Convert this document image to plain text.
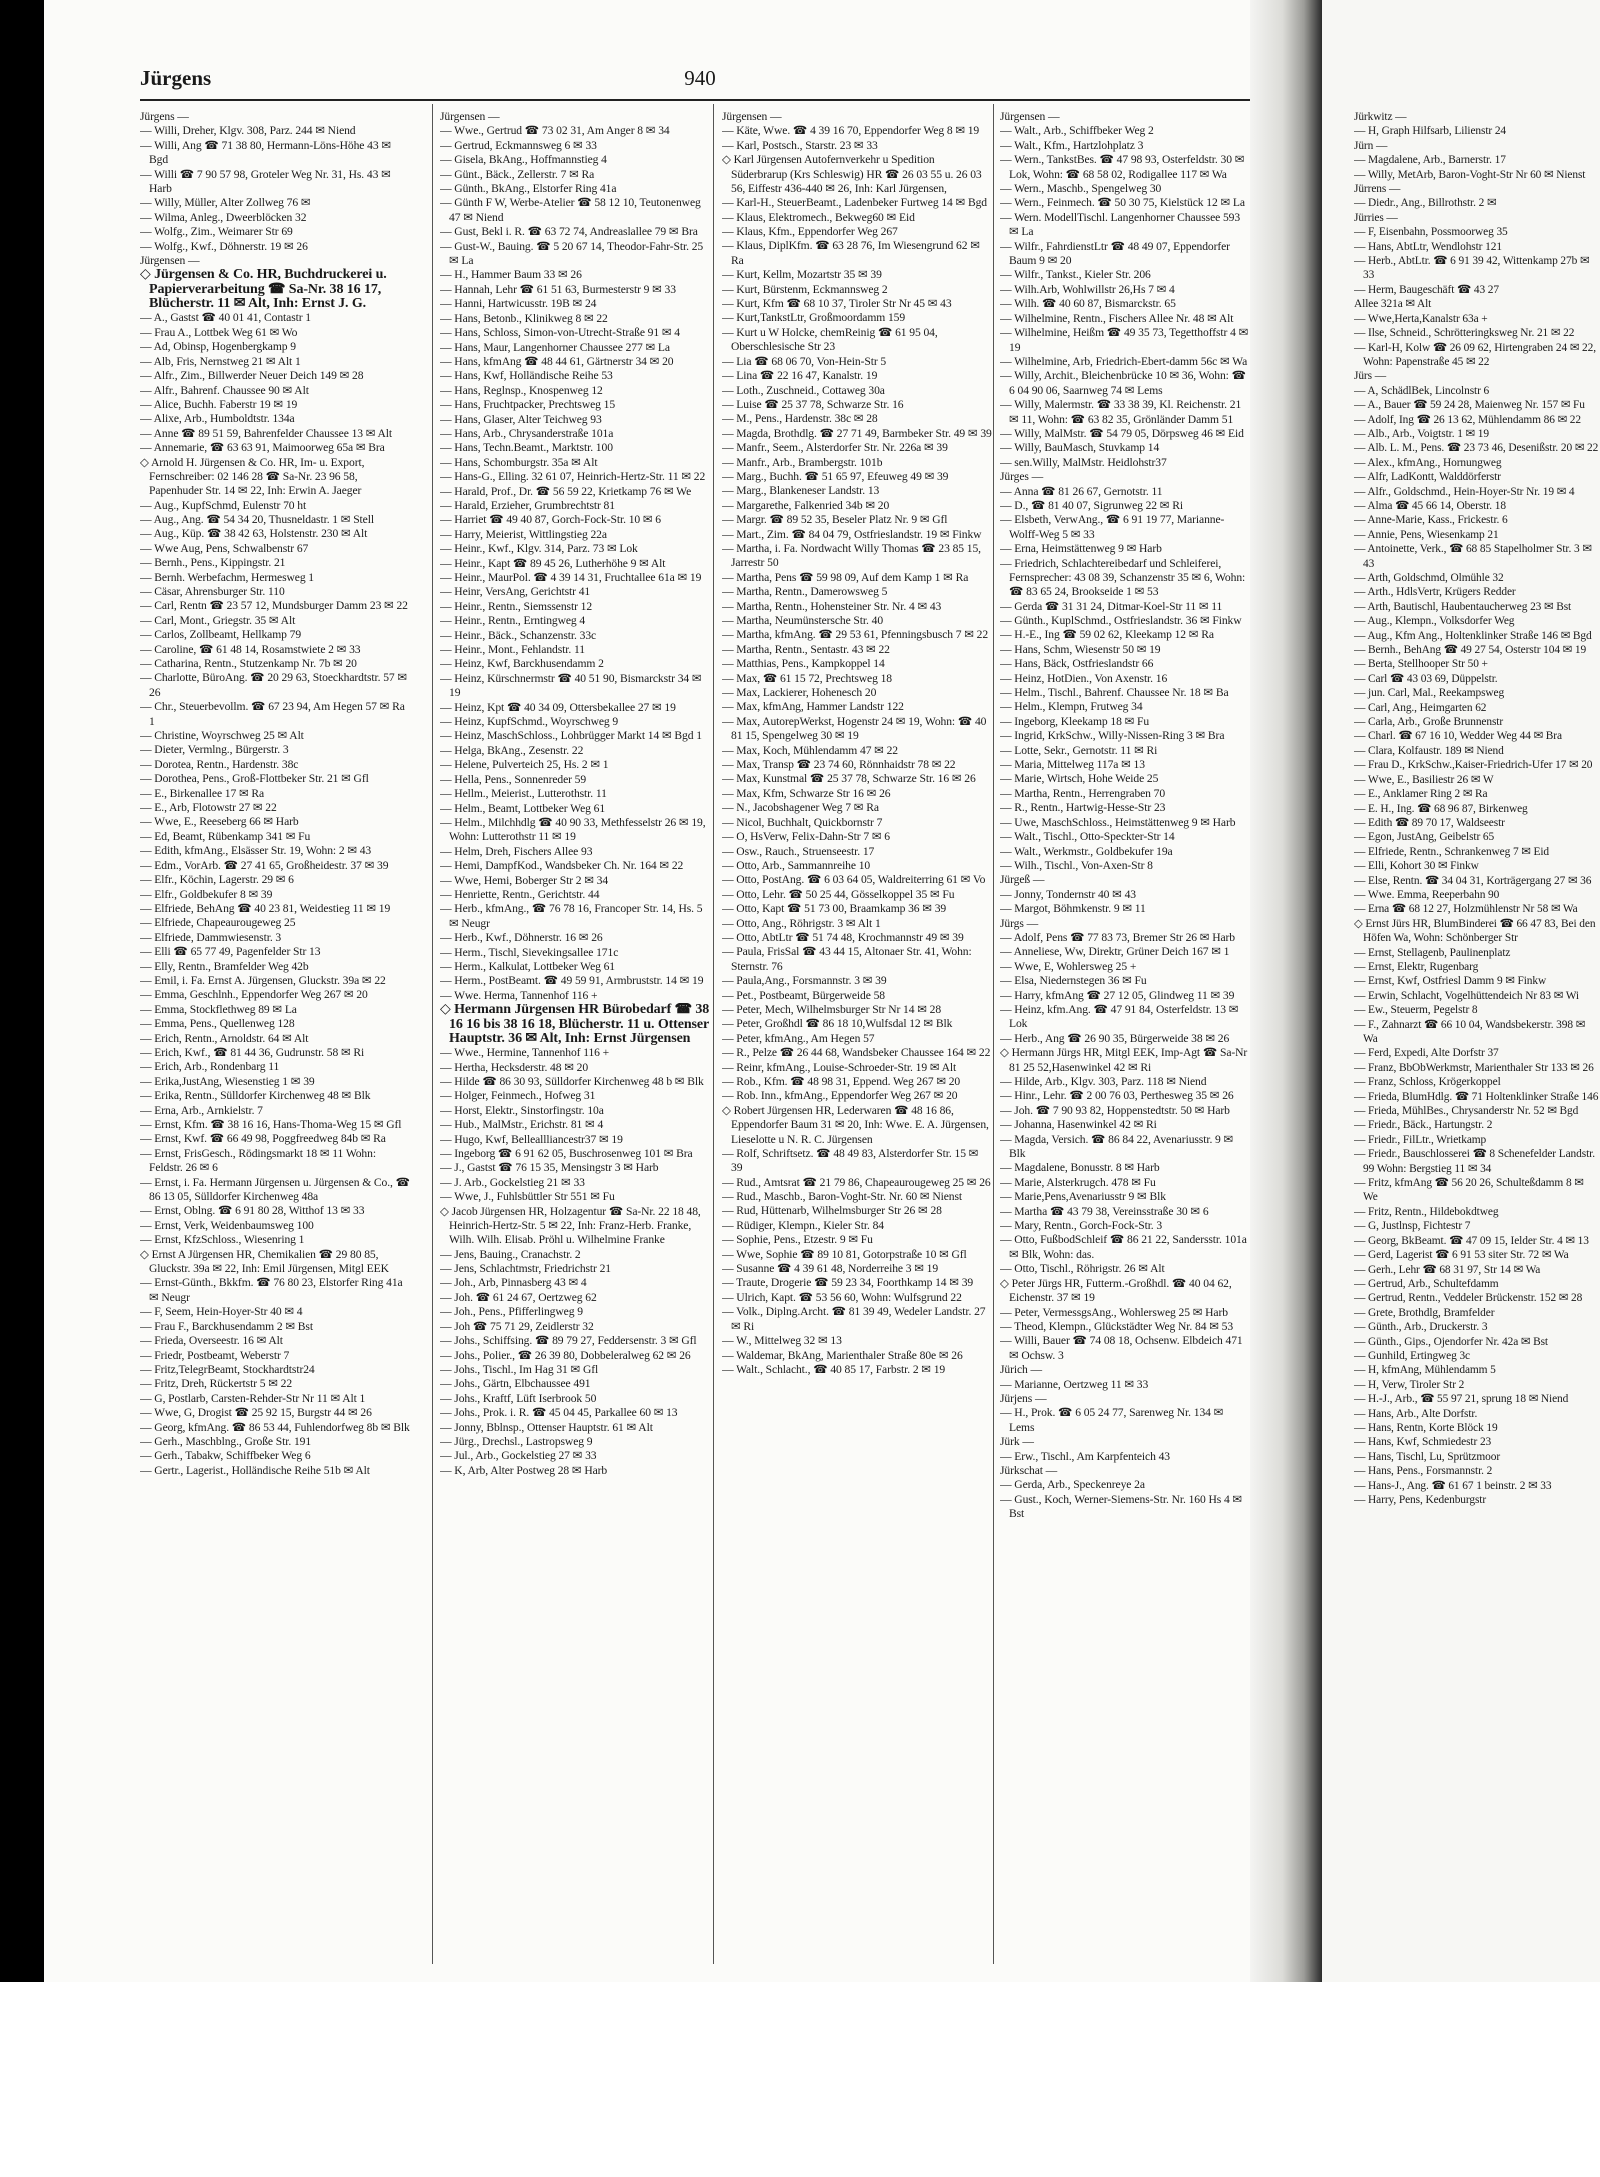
Jürkwitz —
— H, Graph Hilfsarb, Lilienstr 24
Jürn —
— Magdalene, Arb., Barnerstr. 17
— Willy, MetArb, Baron-Voght-Str Nr 60 ✉ Nienst
Jürrens —
— Diedr., Ang., Billrothstr. 2 ✉
Jürries —
— F, Eisenbahn, Possmoorweg 35
— Hans, AbtLtr, Wendlohstr 121
— Herb., AbtLtr. ☎ 6 91 39 42, Wittenkamp 27b ✉ 33
— Herm, Baugeschäft ☎ 43 27
Allee 321a ✉ Alt
— Wwe,Herta,Kanalstr 63a +
— Ilse, Schneid., Schrötteringksweg Nr. 21 ✉ 22
— Karl-H, Kolw ☎ 26 09 62, Hirtengraben 24 ✉ 22, Wohn: Papenstraße 45 ✉ 22
Jürs —
— A, SchädlBek, Lincolnstr 6
— A., Bauer ☎ 59 24 28, Maienweg Nr. 157 ✉ Fu
— Adolf, Ing ☎ 26 13 62, Mühlendamm 86 ✉ 22
— Alb., Arb., Voigtstr. 1 ✉ 19
— Alb. L. M., Pens. ☎ 23 73 46, Desenißstr. 20 ✉ 22
— Alex., kfmAng., Hornungweg
— Alfr, LadKontt, Walddörferstr
— Alfr., Goldschmd., Hein-Hoyer-Str Nr. 19 ✉ 4
— Alma ☎ 45 66 14, Oberstr. 18
— Anne-Marie, Kass., Frickestr. 6
— Annie, Pens, Wiesenkamp 21
— Antoinette, Verk., ☎ 68 85 Stapelholmer Str. 3 ✉ 43
— Arth, Goldschmd, Olmühle 32
— Arth., HdlsVertr, Krügers Redder
— Arth, Bautischl, Haubentaucherweg 23 ✉ Bst
— Aug., Klempn., Volksdorfer Weg
— Aug., Kfm Ang., Holtenklinker Straße 146 ✉ Bgd
— Bernh., BehAng ☎ 49 27 54, Osterstr 104 ✉ 19
— Berta, Stellhooper Str 50 +
— Carl ☎ 43 03 69, Düppelstr.
— jun. Carl, Mal., Reekampsweg
— Carl, Ang., Heimgarten 62
— Carla, Arb., Große Brunnenstr
— Charl. ☎ 67 16 10, Wedder Weg 44 ✉ Bra
— Clara, Kolfaustr. 189 ✉ Niend
— Frau D., KrkSchw.,Kaiser-Friedrich-Ufer 17 ✉ 20
— Wwe, E., Basiliestr 26 ✉ W
— E., Anklamer Ring 2 ✉ Ra
— E. H., Ing. ☎ 68 96 87, Birkenweg
— Edith ☎ 89 70 17, Waldseestr
— Egon, JustAng, Geibelstr 65
— Elfriede, Rentn., Schrankenweg 7 ✉ Eid
— Elli, Kohort 30 ✉ Finkw
— Else, Rentn. ☎ 34 04 31, Korträgergang 27 ✉ 36
— Wwe. Emma, Reeperbahn 90
— Erna ☎ 68 12 27, Holzmühlenstr Nr 58 ✉ Wa
◇ Ernst Jürs HR, BlumBinderei ☎ 66 47 83, Bei den Höfen Wa, Wohn: Schönberger Str
— Ernst, Stellagenb, Paulinenplatz
— Ernst, Elektr, Rugenbarg
— Ernst, Kwf, Ostfriesl Damm 9 ✉ Finkw
— Erwin, Schlacht, Vogelhüttendeich Nr 83 ✉ Wi
— Ew., Steuerm, Pegelstr 8
— F., Zahnarzt ☎ 66 10 04, Wandsbekerstr. 398 ✉ Wa
— Ferd, Expedi, Alte Dorfstr 37
— Franz, BbObWerkmstr, Marienthaler Str 133 ✉ 26
— Franz, Schloss, Krögerkoppel
— Frieda, BlumHdlg. ☎ 71 Holtenklinker Straße 146
— Frieda, MühlBes., Chrysanderstr Nr. 52 ✉ Bgd
— Friedr., Bäck., Hartungstr. 2
— Friedr., FilLtr., Wrietkamp
— Friedr., Bauschlosserei ☎ 8 Schenefelder Landstr. 99 Wohn: Bergstieg 11 ✉ 34
— Fritz, kfmAng ☎ 56 20 26, Schulteßdamm 8 ✉ We
— Fritz, Rentn., Hildebokdtweg
— G, Justlnsp, Fichtestr 7
— Georg, BkBeamt. ☎ 47 09 15, Ielder Str. 4 ✉ 13
— Gerd, Lagerist ☎ 6 91 53 siter Str. 72 ✉ Wa
— Gerh., Lehr ☎ 68 31 97, Str 14 ✉ Wa
— Gertrud, Arb., Schultefdamm
— Gertrud, Rentn., Veddeler Brückenstr. 152 ✉ 28
— Grete, Brothdlg, Bramfelder
— Günth., Arb., Druckerstr. 3
— Günth., Gips., Ojendorfer Nr. 42a ✉ Bst
— Gunhild, Ertingweg 3c
— H, kfmAng, Mühlendamm 5
— H, Verw, Tiroler Str 2
— H.-J., Arb., ☎ 55 97 21, sprung 18 ✉ Niend
— Hans, Arb., Alte Dorfstr.
— Hans, Rentn, Korte Blöck 19
— Hans, Kwf, Schmiedestr 23
— Hans, Tischl, Lu, Sprützmoor
— Hans, Pens., Forsmannstr. 2
— Hans-J., Ang. ☎ 61 67 1 beinstr. 2 ✉ 33
— Harry, Pens, Kedenburgstr
Jürgens	940
Jürgens —
— Willi, Dreher, Klgv. 308, Parz. 244 ✉ Niend
— Willi, Ang ☎ 71 38 80, Hermann-Löns-Höhe 43 ✉ Bgd
— Willi ☎ 7 90 57 98, Groteler Weg Nr. 31, Hs. 43 ✉ Harb
— Willy, Müller, Alter Zollweg 76 ✉
— Wilma, Anleg., Dweerblöcken 32
— Wolfg., Zim., Weimarer Str 69
— Wolfg., Kwf., Döhnerstr. 19 ✉ 26
Jürgensen —
◇ Jürgensen & Co. HR, Buchdruckerei u. Papierverarbeitung ☎ Sa-Nr. 38 16 17, Blücherstr. 11 ✉ Alt, Inh: Ernst J. G.
— A., Gastst ☎ 40 01 41, Contastr 1
— Frau A., Lottbek Weg 61 ✉ Wo
— Ad, Obinsp, Hogenbergkamp 9
— Alb, Fris, Nernstweg 21 ✉ Alt 1
— Alfr., Zim., Billwerder Neuer Deich 149 ✉ 28
— Alfr., Bahrenf. Chaussee 90 ✉ Alt
— Alice, Buchh. Faberstr 19 ✉ 19
— Alixe, Arb., Humboldtstr. 134a
— Anne ☎ 89 51 59, Bahrenfelder Chaussee 13 ✉ Alt
— Annemarie, ☎ 63 63 91, Maimoorweg 65a ✉ Bra
◇ Arnold H. Jürgensen & Co. HR, Im- u. Export, Fernschreiber: 02 146 28 ☎ Sa-Nr. 23 96 58, Papenhuder Str. 14 ✉ 22, Inh: Erwin A. Jaeger
— Aug., KupfSchmd, Eulenstr 70 ht
— Aug., Ang. ☎ 54 34 20, Thusneldastr. 1 ✉ Stell
— Aug., Küp. ☎ 38 42 63, Holstenstr. 230 ✉ Alt
— Wwe Aug, Pens, Schwalbenstr 67
— Bernh., Pens., Kippingstr. 21
— Bernh. Werbefachm, Hermesweg 1
— Cäsar, Ahrensburger Str. 110
— Carl, Rentn ☎ 23 57 12, Mundsburger Damm 23 ✉ 22
— Carl, Mont., Griegstr. 35 ✉ Alt
— Carlos, Zollbeamt, Hellkamp 79
— Caroline, ☎ 61 48 14, Rosamstwiete 2 ✉ 33
— Catharina, Rentn., Stutzenkamp Nr. 7b ✉ 20
— Charlotte, BüroAng. ☎ 20 29 63, Stoeckhardtstr. 57 ✉ 26
— Chr., Steuerbevollm. ☎ 67 23 94, Am Hegen 57 ✉ Ra 1
— Christine, Woyrschweg 25 ✉ Alt
— Dieter, Vermlng., Bürgerstr. 3
— Dorotea, Rentn., Hardenstr. 38c
— Dorothea, Pens., Groß-Flottbeker Str. 21 ✉ Gfl
— E., Birkenallee 17 ✉ Ra
— E., Arb, Flotowstr 27 ✉ 22
— Wwe, E., Reeseberg 66 ✉ Harb
— Ed, Beamt, Rübenkamp 341 ✉ Fu
— Edith, kfmAng., Elsässer Str. 19, Wohn: 2 ✉ 43
— Edm., VorArb. ☎ 27 41 65, Großheidestr. 37 ✉ 39
— Elfr., Köchin, Lagerstr. 29 ✉ 6
— Elfr., Goldbekufer 8 ✉ 39
— Elfriede, BehAng ☎ 40 23 81, Weidestieg 11 ✉ 19
— Elfriede, Chapeaurougeweg 25
— Elfriede, Dammwiesenstr. 3
— Elli ☎ 65 77 49, Pagenfelder Str 13
— Elly, Rentn., Bramfelder Weg 42b
— Emil, i. Fa. Ernst A. Jürgensen, Gluckstr. 39a ✉ 22
— Emma, Geschlnh., Eppendorfer Weg 267 ✉ 20
— Emma, Stockflethweg 89 ✉ La
— Emma, Pens., Quellenweg 128
— Erich, Rentn., Arnoldstr. 64 ✉ Alt
— Erich, Kwf., ☎ 81 44 36, Gudrunstr. 58 ✉ Ri
— Erich, Arb., Rondenbarg 11
— Erika,JustAng, Wiesenstieg 1 ✉ 39
— Erika, Rentn., Sülldorfer Kirchenweg 48 ✉ Blk
— Erna, Arb., Arnkielstr. 7
— Ernst, Kfm. ☎ 38 16 16, Hans-Thoma-Weg 15 ✉ Gfl
— Ernst, Kwf. ☎ 66 49 98, Poggfreedweg 84b ✉ Ra
— Ernst, FrisGesch., Rödingsmarkt 18 ✉ 11 Wohn: Feldstr. 26 ✉ 6
— Ernst, i. Fa. Hermann Jürgensen u. Jürgensen & Co., ☎ 86 13 05, Sülldorfer Kirchenweg 48a
— Ernst, Oblng. ☎ 6 91 80 28, Witthof 13 ✉ 33
— Ernst, Verk, Weidenbaumsweg 100
— Ernst, KfzSchloss., Wiesenring 1
◇ Ernst A Jürgensen HR, Chemikalien ☎ 29 80 85, Gluckstr. 39a ✉ 22, Inh: Emil Jürgensen, Mitgl EEK
— Ernst-Günth., Bkkfm. ☎ 76 80 23, Elstorfer Ring 41a ✉ Neugr
— F, Seem, Hein-Hoyer-Str 40 ✉ 4
— Frau F., Barckhusendamm 2 ✉ Bst
— Frieda, Overseestr. 16 ✉ Alt
— Friedr, Postbeamt, Weberstr 7
— Fritz,TelegrBeamt, Stockhardtstr24
— Fritz, Dreh, Rückertstr 5 ✉ 22
— G, Postlarb, Carsten-Rehder-Str Nr 11 ✉ Alt 1
— Wwe, G, Drogist ☎ 25 92 15, Burgstr 44 ✉ 26
— Georg, kfmAng. ☎ 86 53 44, Fuhlendorfweg 8b ✉ Blk
— Gerh., Maschblng., Große Str. 191
— Gerh., Tabakw, Schiffbeker Weg 6
— Gertr., Lagerist., Holländische Reihe 51b ✉ Alt
Jürgensen —
— Wwe., Gertrud ☎ 73 02 31, Am Anger 8 ✉ 34
— Gertrud, Eckmannsweg 6 ✉ 33
— Gisela, BkAng., Hoffmannstieg 4
— Günt., Bäck., Zellerstr. 7 ✉ Ra
— Günth., BkAng., Elstorfer Ring 41a
— Günth F W, Werbe-Atelier ☎ 58 12 10, Teutonenweg 47 ✉ Niend
— Gust, Bekl i. R. ☎ 63 72 74, Andreaslallee 79 ✉ Bra
— Gust-W., Bauing. ☎ 5 20 67 14, Theodor-Fahr-Str. 25 ✉ La
— H., Hammer Baum 33 ✉ 26
— Hannah, Lehr ☎ 61 51 63, Burmesterstr 9 ✉ 33
— Hanni, Hartwicusstr. 19B ✉ 24
— Hans, Betonb., Klinikweg 8 ✉ 22
— Hans, Schloss, Simon-von-Utrecht-Straße 91 ✉ 4
— Hans, Maur, Langenhorner Chaussee 277 ✉ La
— Hans, kfmAng ☎ 48 44 61, Gärtnerstr 34 ✉ 20
— Hans, Kwf, Holländische Reihe 53
— Hans, Reglnsp., Knospenweg 12
— Hans, Fruchtpacker, Prechtsweg 15
— Hans, Glaser, Alter Teichweg 93
— Hans, Arb., Chrysanderstraße 101a
— Hans, Techn.Beamt., Marktstr. 100
— Hans, Schomburgstr. 35a ✉ Alt
— Hans-G., Elling. 32 61 07, Heinrich-Hertz-Str. 11 ✉ 22
— Harald, Prof., Dr. ☎ 56 59 22, Krietkamp 76 ✉ We
— Harald, Erzieher, Grumbrechtstr 81
— Harriet ☎ 49 40 87, Gorch-Fock-Str. 10 ✉ 6
— Harry, Meierist, Wittlingstieg 22a
— Heinr., Kwf., Klgv. 314, Parz. 73 ✉ Lok
— Heinr., Kapt ☎ 89 45 26, Lutherhöhe 9 ✉ Alt
— Heinr., MaurPol. ☎ 4 39 14 31, Fruchtallee 61a ✉ 19
— Heinr, VersAng, Gerichtstr 41
— Heinr., Rentn., Siemssenstr 12
— Heinr., Rentn., Erntingweg 4
— Heinr., Bäck., Schanzenstr. 33c
— Heinr., Mont., Fehlandstr. 11
— Heinz, Kwf, Barckhusendamm 2
— Heinz, Kürschnermstr ☎ 40 51 90, Bismarckstr 34 ✉ 19
— Heinz, Kpt ☎ 40 34 09, Ottersbekallee 27 ✉ 19
— Heinz, KupfSchmd., Woyrschweg 9
— Heinz, MaschSchloss., Lohbrügger Markt 14 ✉ Bgd 1
— Helga, BkAng., Zesenstr. 22
— Helene, Pulverteich 25, Hs. 2 ✉ 1
— Hella, Pens., Sonnenreder 59
— Hellm., Meierist., Lutterothstr. 11
— Helm., Beamt, Lottbeker Weg 61
— Helm., Milchhdlg ☎ 40 90 33, Methfesselstr 26 ✉ 19, Wohn: Lutterothstr 11 ✉ 19
— Helm, Dreh, Fischers Allee 93
— Hemi, DampfKod., Wandsbeker Ch. Nr. 164 ✉ 22
— Wwe, Hemi, Boberger Str 2 ✉ 34
— Henriette, Rentn., Gerichtstr. 44
— Herb., kfmAng., ☎ 76 78 16, Francoper Str. 14, Hs. 5 ✉ Neugr
— Herb., Kwf., Döhnerstr. 16 ✉ 26
— Herm., Tischl, Sievekingsallee 171c
— Herm., Kalkulat, Lottbeker Weg 61
— Herm., PostBeamt. ☎ 49 59 91, Armbruststr. 14 ✉ 19
— Wwe. Herma, Tannenhof 116 +
◇ Hermann Jürgensen HR Bürobedarf ☎ 38 16 16 bis 38 16 18, Blücherstr. 11 u. Ottenser Hauptstr. 36 ✉ Alt, Inh: Ernst Jürgensen
— Wwe., Hermine, Tannenhof 116 +
— Hertha, Hecksderstr. 48 ✉ 20
— Hilde ☎ 86 30 93, Sülldorfer Kirchenweg 48 b ✉ Blk
— Holger, Feinmech., Hofweg 31
— Horst, Elektr., Sinstorfingstr. 10a
— Hub., MalMstr., Erichstr. 81 ✉ 4
— Hugo, Kwf, Belleallliancestr37 ✉ 19
— Ingeborg ☎ 6 91 62 05, Buschrosenweg 101 ✉ Bra
— J., Gastst ☎ 76 15 35, Mensingstr 3 ✉ Harb
— J. Arb., Gockelstieg 21 ✉ 33
— Wwe, J., Fuhlsbüttler Str 551 ✉ Fu
◇ Jacob Jürgensen HR, Holzagentur ☎ Sa-Nr. 22 18 48, Heinrich-Hertz-Str. 5 ✉ 22, Inh: Franz-Herb. Franke, Wilh. Wilh. Elisab. Pröhl u. Wilhelmine Franke
— Jens, Bauing., Cranachstr. 2
— Jens, Schlachtmstr, Friedrichstr 21
— Joh., Arb, Pinnasberg 43 ✉ 4
— Joh. ☎ 61 24 67, Oertzweg 62
— Joh., Pens., Pfifferlingweg 9
— Joh ☎ 75 71 29, Zeidlerstr 32
— Johs., Schiffsing. ☎ 89 79 27, Feddersenstr. 3 ✉ Gfl
— Johs., Polier., ☎ 26 39 80, Dobbeleralweg 62 ✉ 26
— Johs., Tischl., Im Hag 31 ✉ Gfl
— Johs., Gärtn, Elbchaussee 491
— Johs., Kraftf, Lüft Iserbrook 50
— Johs., Prok. i. R. ☎ 45 04 45, Parkallee 60 ✉ 13
— Jonny, Bblnsp., Ottenser Hauptstr. 61 ✉ Alt
— Jürg., Drechsl., Lastropsweg 9
— Jul., Arb., Gockelstieg 27 ✉ 33
— K, Arb, Alter Postweg 28 ✉ Harb
Jürgensen —
— Käte, Wwe. ☎ 4 39 16 70, Eppendorfer Weg 8 ✉ 19
— Karl, Postsch., Starstr. 23 ✉ 33
◇ Karl Jürgensen Autofernverkehr u Spedition Süderbrarup (Krs Schleswig) HR ☎ 26 03 55 u. 26 03 56, Eiffestr 436-440 ✉ 26, Inh: Karl Jürgensen,
— Karl-H., SteuerBeamt., Ladenbeker Furtweg 14 ✉ Bgd
— Klaus, Elektromech., Bekweg60 ✉ Eid
— Klaus, Kfm., Eppendorfer Weg 267
— Klaus, DiplKfm. ☎ 63 28 76, Im Wiesengrund 62 ✉ Ra
— Kurt, Kellm, Mozartstr 35 ✉ 39
— Kurt, Bürstenm, Eckmannsweg 2
— Kurt, Kfm ☎ 68 10 37, Tiroler Str Nr 45 ✉ 43
— Kurt,TankstLtr, Großmoordamm 159
— Kurt u W Holcke, chemReinig ☎ 61 95 04, Oberschlesische Str 23
— Lia ☎ 68 06 70, Von-Hein-Str 5
— Lina ☎ 22 16 47, Kanalstr. 19
— Loth., Zuschneid., Cottaweg 30a
— Luise ☎ 25 37 78, Schwarze Str. 16
— M., Pens., Hardenstr. 38c ✉ 28
— Magda, Brothdlg. ☎ 27 71 49, Barmbeker Str. 49 ✉ 39
— Manfr., Seem., Alsterdorfer Str. Nr. 226a ✉ 39
— Manfr., Arb., Brambergstr. 101b
— Marg., Buchh. ☎ 51 65 97, Efeuweg 49 ✉ 39
— Marg., Blankeneser Landstr. 13
— Margarethe, Falkenried 34b ✉ 20
— Margr. ☎ 89 52 35, Beseler Platz Nr. 9 ✉ Gfl
— Mart., Zim. ☎ 84 04 79, Ostfrieslandstr. 19 ✉ Finkw
— Martha, i. Fa. Nordwacht Willy Thomas ☎ 23 85 15, Jarrestr 50
— Martha, Pens ☎ 59 98 09, Auf dem Kamp 1 ✉ Ra
— Martha, Rentn., Damerowsweg 5
— Martha, Rentn., Hohensteiner Str. Nr. 4 ✉ 43
— Martha, Neumünstersche Str. 40
— Martha, kfmAng. ☎ 29 53 61, Pfenningsbusch 7 ✉ 22
— Martha, Rentn., Sentastr. 43 ✉ 22
— Matthias, Pens., Kampkoppel 14
— Max, ☎ 61 15 72, Prechtsweg 18
— Max, Lackierer, Hohenesch 20
— Max, kfmAng, Hammer Landstr 122
— Max, AutorepWerkst, Hogenstr 24 ✉ 19, Wohn: ☎ 40 81 15, Spengelweg 30 ✉ 19
— Max, Koch, Mühlendamm 47 ✉ 22
— Max, Transp ☎ 23 74 60, Rönnhaidstr 78 ✉ 22
— Max, Kunstmal ☎ 25 37 78, Schwarze Str. 16 ✉ 26
— Max, Kfm, Schwarze Str 16 ✉ 26
— N., Jacobshagener Weg 7 ✉ Ra
— Nicol, Buchhalt, Quickbornstr 7
— O, HsVerw, Felix-Dahn-Str 7 ✉ 6
— Osw., Rauch., Struenseestr. 17
— Otto, Arb., Sammannreihe 10
— Otto, PostAng. ☎ 6 03 64 05, Waldreiterring 61 ✉ Vo
— Otto, Lehr. ☎ 50 25 44, Gösselkoppel 35 ✉ Fu
— Otto, Kapt ☎ 51 73 00, Braamkamp 36 ✉ 39
— Otto, Ang., Röhrigstr. 3 ✉ Alt 1
— Otto, AbtLtr ☎ 51 74 48, Krochmannstr 49 ✉ 39
— Paula, FrisSal ☎ 43 44 15, Altonaer Str. 41, Wohn: Sternstr. 76
— Paula,Ang., Forsmannstr. 3 ✉ 39
— Pet., Postbeamt, Bürgerweide 58
— Peter, Mech, Wilhelmsburger Str Nr 14 ✉ 28
— Peter, Großhdl ☎ 86 18 10,Wulfsdal 12 ✉ Blk
— Peter, kfmAng., Am Hegen 57
— R., Pelze ☎ 26 44 68, Wandsbeker Chaussee 164 ✉ 22
— Reinr, kfmAng., Louise-Schroeder-Str. 19 ✉ Alt
— Rob., Kfm. ☎ 48 98 31, Eppend. Weg 267 ✉ 20
— Rob. Inn., kfmAng., Eppendorfer Weg 267 ✉ 20
◇ Robert Jürgensen HR, Lederwaren ☎ 48 16 86, Eppendorfer Baum 31 ✉ 20, Inh: Wwe. E. A. Jürgensen, Lieselotte u N. R. C. Jürgensen
— Rolf, Schriftsetz. ☎ 48 49 83, Alsterdorfer Str. 15 ✉ 39
— Rud., Amtsrat ☎ 21 79 86, Chapeaurougeweg 25 ✉ 26
— Rud., Maschb., Baron-Voght-Str. Nr. 60 ✉ Nienst
— Rud, Hüttenarb, Wilhelmsburger Str 26 ✉ 28
— Rüdiger, Klempn., Kieler Str. 84
— Sophie, Pens., Etzestr. 9 ✉ Fu
— Wwe, Sophie ☎ 89 10 81, Gotorpstraße 10 ✉ Gfl
— Susanne ☎ 4 39 61 48, Norderreihe 3 ✉ 19
— Traute, Drogerie ☎ 59 23 34, Foorthkamp 14 ✉ 39
— Ulrich, Kapt. ☎ 53 56 60, Wohn: Wulfsgrund 22
— Volk., Diplng.Archt. ☎ 81 39 49, Wedeler Landstr. 27 ✉ Ri
— W., Mittelweg 32 ✉ 13
— Waldemar, BkAng, Marienthaler Straße 80e ✉ 26
— Walt., Schlacht., ☎ 40 85 17, Farbstr. 2 ✉ 19
Jürgensen —
— Walt., Arb., Schiffbeker Weg 2
— Walt., Kfm., Hartzlohplatz 3
— Wern., TankstBes. ☎ 47 98 93, Osterfeldstr. 30 ✉ Lok, Wohn: ☎ 68 58 02, Rodigallee 117 ✉ Wa
— Wern., Maschb., Spengelweg 30
— Wern., Feinmech. ☎ 50 30 75, Kielstück 12 ✉ La
— Wern. ModellTischl. Langenhorner Chaussee 593 ✉ La
— Wilfr., FahrdienstLtr ☎ 48 49 07, Eppendorfer Baum 9 ✉ 20
— Wilfr., Tankst., Kieler Str. 206
— Wilh.Arb, Wohlwillstr 26,Hs 7 ✉ 4
— Wilh. ☎ 40 60 87, Bismarckstr. 65
— Wilhelmine, Rentn., Fischers Allee Nr. 48 ✉ Alt
— Wilhelmine, Heißm ☎ 49 35 73, Tegetthoffstr 4 ✉ 19
— Wilhelmine, Arb, Friedrich-Ebert-damm 56c ✉ Wa
— Willy, Archit., Bleichenbrücke 10 ✉ 36, Wohn: ☎ 6 04 90 06, Saarnweg 74 ✉ Lems
— Willy, Malermstr. ☎ 33 38 39, Kl. Reichenstr. 21 ✉ 11, Wohn: ☎ 63 82 35, Grönländer Damm 51
— Willy, MalMstr. ☎ 54 79 05, Dörpsweg 46 ✉ Eid
— Willy, BauMasch, Stuvkamp 14
— sen.Willy, MalMstr. Heidlohstr37
Jürges —
— Anna ☎ 81 26 67, Gernotstr. 11
— D., ☎ 81 40 07, Sigrunweg 22 ✉ Ri
— Elsbeth, VerwAng., ☎ 6 91 19 77, Marianne-Wolff-Weg 5 ✉ 33
— Erna, Heimstättenweg 9 ✉ Harb
— Friedrich, Schlachtereibedarf und Schleiferei, Fernsprecher: 43 08 39, Schanzenstr 35 ✉ 6, Wohn: ☎ 83 65 24, Brookseide 1 ✉ 53
— Gerda ☎ 31 31 24, Ditmar-Koel-Str 11 ✉ 11
— Günth., KuplSchmd., Ostfrieslandstr. 36 ✉ Finkw
— H.-E., Ing ☎ 59 02 62, Kleekamp 12 ✉ Ra
— Hans, Schm, Wiesenstr 50 ✉ 19
— Hans, Bäck, Ostfrieslandstr 66
— Heinz, HotDien., Von Axenstr. 16
— Helm., Tischl., Bahrenf. Chaussee Nr. 18 ✉ Ba
— Helm., Klempn, Frutweg 34
— Ingeborg, Kleekamp 18 ✉ Fu
— Ingrid, KrkSchw., Willy-Nissen-Ring 3 ✉ Bra
— Lotte, Sekr., Gernotstr. 11 ✉ Ri
— Maria, Mittelweg 117a ✉ 13
— Marie, Wirtsch, Hohe Weide 25
— Martha, Rentn., Herrengraben 70
— R., Rentn., Hartwig-Hesse-Str 23
— Uwe, MaschSchloss., Heimstättenweg 9 ✉ Harb
— Walt., Tischl., Otto-Speckter-Str 14
— Walt., Werkmstr., Goldbekufer 19a
— Wilh., Tischl., Von-Axen-Str 8
Jürgeß —
— Jonny, Tondernstr 40 ✉ 43
— Margot, Böhmkenstr. 9 ✉ 11
Jürgs —
— Adolf, Pens ☎ 77 83 73, Bremer Str 26 ✉ Harb
— Anneliese, Ww, Direktr, Grüner Deich 167 ✉ 1
— Wwe, E, Wohlersweg 25 +
— Elsa, Niedernstegen 36 ✉ Fu
— Harry, kfmAng ☎ 27 12 05, Glindweg 11 ✉ 39
— Heinz, kfm.Ang. ☎ 47 91 84, Osterfeldstr. 13 ✉ Lok
— Herb., Ang ☎ 26 90 35, Bürgerweide 38 ✉ 26
◇ Hermann Jürgs HR, Mitgl EEK, Imp-Agt ☎ Sa-Nr 81 25 52,Hasenwinkel 42 ✉ Ri
— Hilde, Arb., Klgv. 303, Parz. 118 ✉ Niend
— Hinr., Lehr. ☎ 2 00 76 03, Perthesweg 35 ✉ 26
— Joh. ☎ 7 90 93 82, Hoppenstedtstr. 50 ✉ Harb
— Johanna, Hasenwinkel 42 ✉ Ri
— Magda, Versich. ☎ 86 84 22, Avenariusstr. 9 ✉ Blk
— Magdalene, Bonusstr. 8 ✉ Harb
— Marie, Alsterkrugch. 478 ✉ Fu
— Marie,Pens,Avenariusstr 9 ✉ Blk
— Martha ☎ 43 79 38, Vereinsstraße 30 ✉ 6
— Mary, Rentn., Gorch-Fock-Str. 3
— Otto, FußbodSchleif ☎ 86 21 22, Sandersstr. 101a ✉ Blk, Wohn: das.
— Otto, Tischl., Röhrigstr. 26 ✉ Alt
◇ Peter Jürgs HR, Futterm.-Großhdl. ☎ 40 04 62, Eichenstr. 37 ✉ 19
— Peter, VermessgsAng., Wohlersweg 25 ✉ Harb
— Theod, Klempn., Glückstädter Weg Nr. 84 ✉ 53
— Willi, Bauer ☎ 74 08 18, Ochsenw. Elbdeich 471 ✉ Ochsw. 3
Jürich —
— Marianne, Oertzweg 11 ✉ 33
Jürjens —
— H., Prok. ☎ 6 05 24 77, Sarenweg Nr. 134 ✉ Lems
Jürk —
— Erw., Tischl., Am Karpfenteich 43
Jürkschat —
— Gerda, Arb., Speckenreye 2a
— Gust., Koch, Werner-Siemens-Str. Nr. 160 Hs 4 ✉ Bst
